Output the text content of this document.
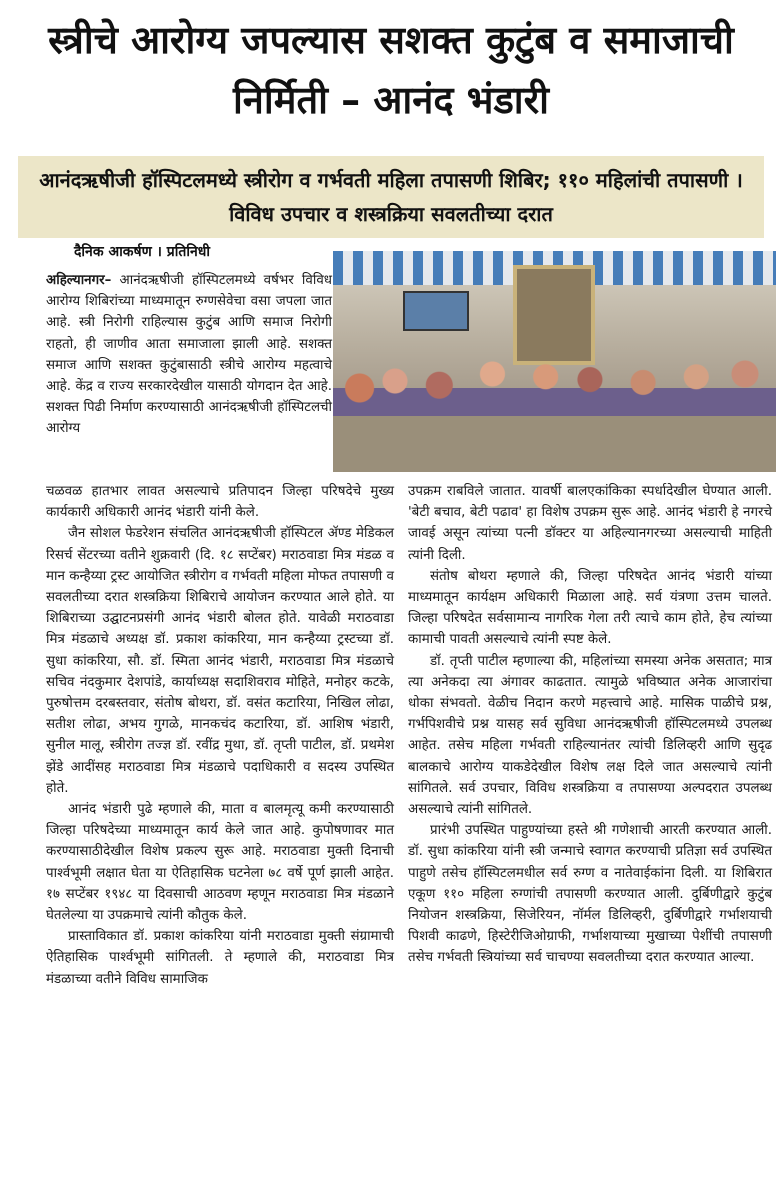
स्त्रीचे आरोग्य जपल्यास सशक्त कुटुंब व समाजाची निर्मिती – आनंद भंडारी
आनंदऋषीजी हॉस्पिटलमध्ये स्त्रीरोग व गर्भवती महिला तपासणी शिबिर; ११० महिलांची तपासणी । विविध उपचार व शस्त्रक्रिया सवलतीच्या दरात
दैनिक आकर्षण । प्रतिनिधी

अहिल्यानगर– आनंदऋषीजी हॉस्पिटलमध्ये वर्षभर विविध आरोग्य शिबिरांच्या माध्यमातून रुग्णसेवेचा वसा जपला जात आहे. स्त्री निरोगी राहिल्यास कुटुंब आणि समाज निरोगी राहतो, ही जाणीव आता समाजाला झाली आहे. सशक्त समाज आणि सशक्त कुटुंबासाठी स्त्रीचे आरोग्य महत्वाचे आहे. केंद्र व राज्य सरकारदेखील यासाठी योगदान देत आहे. सशक्त पिढी निर्माण करण्यासाठी आनंदऋषीजी हॉस्पिटलची आरोग्य

चळवळ हातभार लावत असल्याचे प्रतिपादन जिल्हा परिषदेचे मुख्य कार्यकारी अधिकारी आनंद भंडारी यांनी केले.

जैन सोशल फेडरेशन संचलित आनंदऋषीजी हॉस्पिटल ॲण्ड मेडिकल रिसर्च सेंटरच्या वतीने शुक्रवारी (दि. १८ सप्टेंबर) मराठवाडा मित्र मंडळ व मान कन्हैय्या ट्रस्ट आयोजित स्त्रीरोग व गर्भवती महिला मोफत तपासणी व सवलतीच्या दरात शस्त्रक्रिया शिबिराचे आयोजन करण्यात आले होते. या शिबिराच्या उद्घाटनप्रसंगी आनंद भंडारी बोलत होते. यावेळी मराठवाडा मित्र मंडळाचे अध्यक्ष डॉ. प्रकाश कांकरिया, मान कन्हैय्या ट्रस्टच्या डॉ. सुधा कांकरिया, सौ. डॉ. स्मिता आनंद भंडारी, मराठवाडा मित्र मंडळाचे सचिव नंदकुमार देशपांडे, कार्याध्यक्ष सदाशिवराव मोहिते, मनोहर कटके, पुरुषोत्तम दरबस्तवार, संतोष बोथरा, डॉ. वसंत कटारिया, निखिल लोढा, सतीश लोढा, अभय गुगळे, मानकचंद कटारिया, डॉ. आशिष भंडारी, सुनील मालू, स्त्रीरोग तज्ज्ञ डॉ. रवींद्र मुथा, डॉ. तृप्ती पाटील, डॉ. प्रथमेश झेंडे आदींसह मराठवाडा मित्र मंडळाचे पदाधिकारी व सदस्य उपस्थित होते.

आनंद भंडारी पुढे म्हणाले की, माता व बालमृत्यू कमी करण्यासाठी जिल्हा परिषदेच्या माध्यमातून कार्य केले जात आहे. कुपोषणावर मात करण्यासाठीदेखील विशेष प्रकल्प सुरू आहे. मराठवाडा मुक्ती दिनाची पार्श्वभूमी लक्षात घेता या ऐतिहासिक घटनेला ७८ वर्षे पूर्ण झाली आहेत. १७ सप्टेंबर १९४८ या दिवसाची आठवण म्हणून मराठवाडा मित्र मंडळाने घेतलेल्या या उपक्रमाचे त्यांनी कौतुक केले.

प्रास्ताविकात डॉ. प्रकाश कांकरिया यांनी मराठवाडा मुक्ती संग्रामाची ऐतिहासिक पार्श्वभूमी सांगितली. ते म्हणाले की, मराठवाडा मित्र मंडळाच्या वतीने विविध सामाजिक

उपक्रम राबविले जातात. यावर्षी बालएकांकिका स्पर्धादेखील घेण्यात आली. 'बेटी बचाव, बेटी पढाव' हा विशेष उपक्रम सुरू आहे. आनंद भंडारी हे नगरचे जावई असून त्यांच्या पत्नी डॉक्टर या अहिल्यानगरच्या असल्याची माहिती त्यांनी दिली.

संतोष बोथरा म्हणाले की, जिल्हा परिषदेत आनंद भंडारी यांच्या माध्यमातून कार्यक्षम अधिकारी मिळाला आहे. सर्व यंत्रणा उत्तम चालते. जिल्हा परिषदेत सर्वसामान्य नागरिक गेला तरी त्याचे काम होते, हेच त्यांच्या कामाची पावती असल्याचे त्यांनी स्पष्ट केले.

डॉ. तृप्ती पाटील म्हणाल्या की, महिलांच्या समस्या अनेक असतात; मात्र त्या अनेकदा त्या अंगावर काढतात. त्यामुळे भविष्यात अनेक आजारांचा धोका संभवतो. वेळीच निदान करणे महत्त्वाचे आहे. मासिक पाळीचे प्रश्न, गर्भपिशवीचे प्रश्न यासह सर्व सुविधा आनंदऋषीजी हॉस्पिटलमध्ये उपलब्ध आहेत. तसेच महिला गर्भवती राहिल्यानंतर त्यांची डिलिव्हरी आणि सुदृढ बालकाचे आरोग्य याकडेदेखील विशेष लक्ष दिले जात असल्याचे त्यांनी सांगितले. सर्व उपचार, विविध शस्त्रक्रिया व तपासण्या अल्पदरात उपलब्ध असल्याचे त्यांनी सांगितले.

प्रारंभी उपस्थित पाहुण्यांच्या हस्ते श्री गणेशाची आरती करण्यात आली. डॉ. सुधा कांकरिया यांनी स्त्री जन्माचे स्वागत करण्याची प्रतिज्ञा सर्व उपस्थित पाहुणे तसेच हॉस्पिटलमधील सर्व रुग्ण व नातेवाईकांना दिली. या शिबिरात एकूण ११० महिला रुग्णांची तपासणी करण्यात आली. दुर्बिणीद्वारे कुटुंब नियोजन शस्त्रक्रिया, सिजेरियन, नॉर्मल डिलिव्हरी, दुर्बिणीद्वारे गर्भाशयाची पिशवी काढणे, हिस्टेरीजिओग्राफी, गर्भाशयाच्या मुखाच्या पेशींची तपासणी तसेच गर्भवती स्त्रियांच्या सर्व चाचण्या सवलतीच्या दरात करण्यात आल्या.
